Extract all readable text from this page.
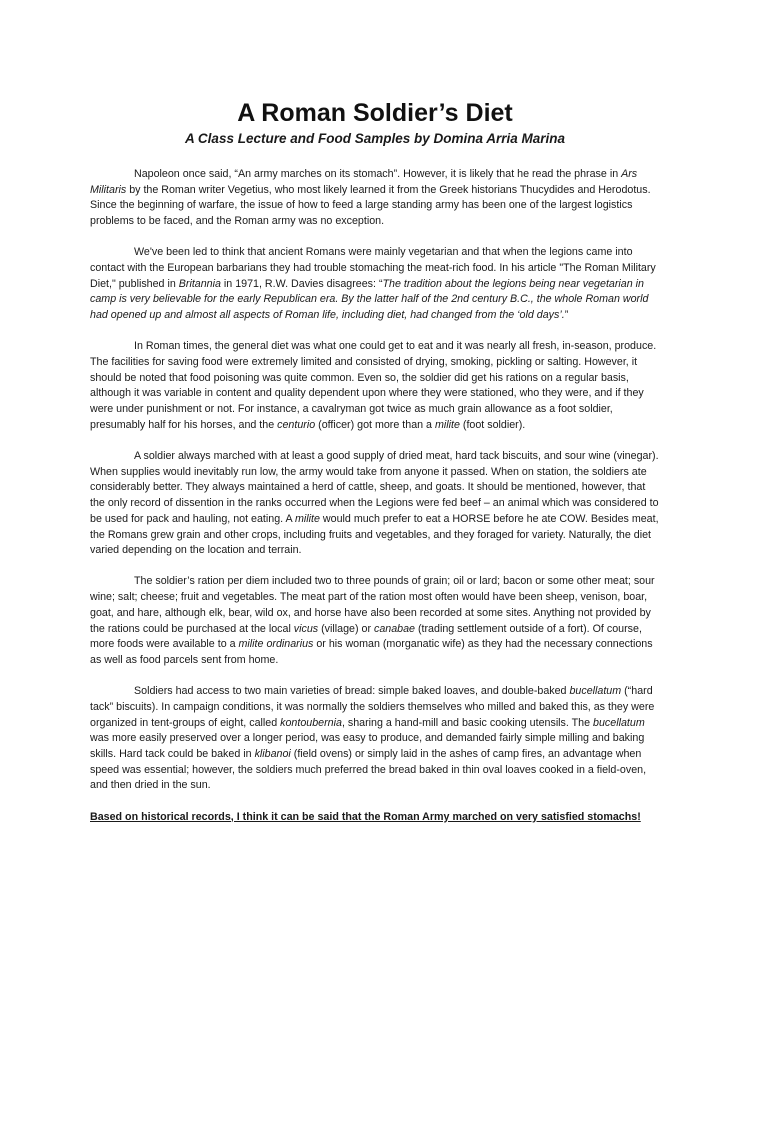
A Roman Soldier’s Diet
A Class Lecture and Food Samples by Domina Arria Marina

Napoleon once said, “An army marches on its stomach”. However, it is likely that he read the phrase in Ars Militaris by the Roman writer Vegetius, who most likely learned it from the Greek historians Thucydides and Herodotus. Since the beginning of warfare, the issue of how to feed a large standing army has been one of the largest logistics problems to be faced, and the Roman army was no exception.

We've been led to think that ancient Romans were mainly vegetarian and that when the legions came into contact with the European barbarians they had trouble stomaching the meat-rich food. In his article "The Roman Military Diet," published in Britannia in 1971, R.W. Davies disagrees: “The tradition about the legions being near vegetarian in camp is very believable for the early Republican era. By the latter half of the 2nd century B.C., the whole Roman world had opened up and almost all aspects of Roman life, including diet, had changed from the ‘old days’.”

In Roman times, the general diet was what one could get to eat and it was nearly all fresh, in-season, produce. The facilities for saving food were extremely limited and consisted of drying, smoking, pickling or salting. However, it should be noted that food poisoning was quite common. Even so, the soldier did get his rations on a regular basis, although it was variable in content and quality dependent upon where they were stationed, who they were, and if they were under punishment or not. For instance, a cavalryman got twice as much grain allowance as a foot soldier, presumably half for his horses, and the centurio (officer) got more than a milite (foot soldier).

A soldier always marched with at least a good supply of dried meat, hard tack biscuits, and sour wine (vinegar). When supplies would inevitably run low, the army would take from anyone it passed. When on station, the soldiers ate considerably better. They always maintained a herd of cattle, sheep, and goats. It should be mentioned, however, that the only record of dissention in the ranks occurred when the Legions were fed beef – an animal which was considered to be used for pack and hauling, not eating. A milite would much prefer to eat a HORSE before he ate COW. Besides meat, the Romans grew grain and other crops, including fruits and vegetables, and they foraged for variety. Naturally, the diet varied depending on the location and terrain.

The soldier’s ration per diem included two to three pounds of grain; oil or lard; bacon or some other meat; sour wine; salt; cheese; fruit and vegetables. The meat part of the ration most often would have been sheep, venison, boar, goat, and hare, although elk, bear, wild ox, and horse have also been recorded at some sites. Anything not provided by the rations could be purchased at the local vicus (village) or canabae (trading settlement outside of a fort). Of course, more foods were available to a milite ordinarius or his woman (morganatic wife) as they had the necessary connections as well as food parcels sent from home.

Soldiers had access to two main varieties of bread: simple baked loaves, and double-baked bucellatum (“hard tack” biscuits). In campaign conditions, it was normally the soldiers themselves who milled and baked this, as they were organized in tent-groups of eight, called kontoubernia, sharing a hand-mill and basic cooking utensils. The bucellatum was more easily preserved over a longer period, was easy to produce, and demanded fairly simple milling and baking skills. Hard tack could be baked in klibanoi (field ovens) or simply laid in the ashes of camp fires, an advantage when speed was essential; however, the soldiers much preferred the bread baked in thin oval loaves cooked in a field-oven, and then dried in the sun.

Based on historical records, I think it can be said that the Roman Army marched on very satisfied stomachs!
